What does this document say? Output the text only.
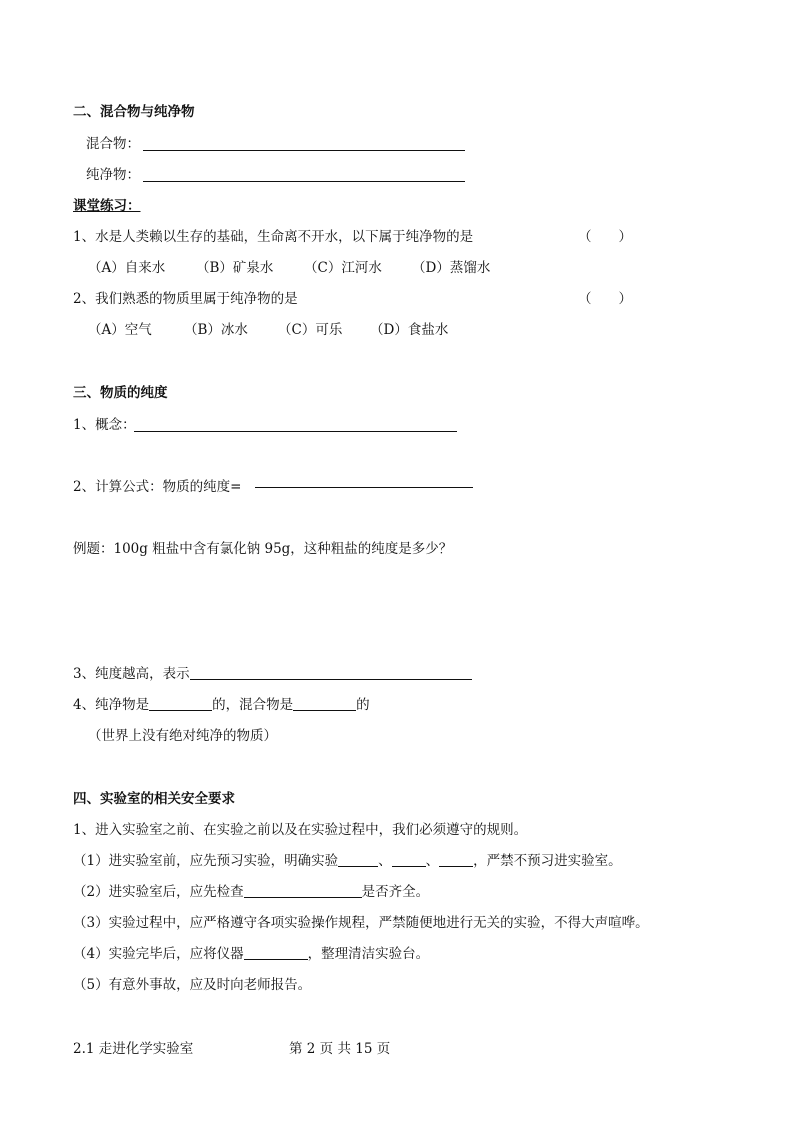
二、混合物与纯净物
混合物：
纯净物：
课堂练习：
1、水是人类赖以生存的基础，生命离不开水，以下属于纯净物的是	（　　）
（A）自来水 （B）矿泉水 （C）江河水 （D）蒸馏水
2、我们熟悉的物质里属于纯净物的是	（　　）
（A）空气 （B）冰水 （C）可乐 （D）食盐水
三、物质的纯度
1、概念：
2、计算公式：物质的纯度=
例题：100g 粗盐中含有氯化钠 95g，这种粗盐的纯度是多少？
3、纯度越高，表示
4、纯净物是	的，混合物是	的
（世界上没有绝对纯净的物质）
四、实验室的相关安全要求
1、进入实验室之前、在实验之前以及在实验过程中，我们必须遵守的规则。
（1）进实验室前，应先预习实验，明确实验	、	、	，严禁不预习进实验室。
（2）进实验室后，应先检查	是否齐全。
（3）实验过程中，应严格遵守各项实验操作规程，严禁随便地进行无关的实验，不得大声喧哗。
（4）实验完毕后，应将仪器	，整理清洁实验台。
（5）有意外事故，应及时向老师报告。
2.1 走进化学实验室	第 2 页 共 15 页
